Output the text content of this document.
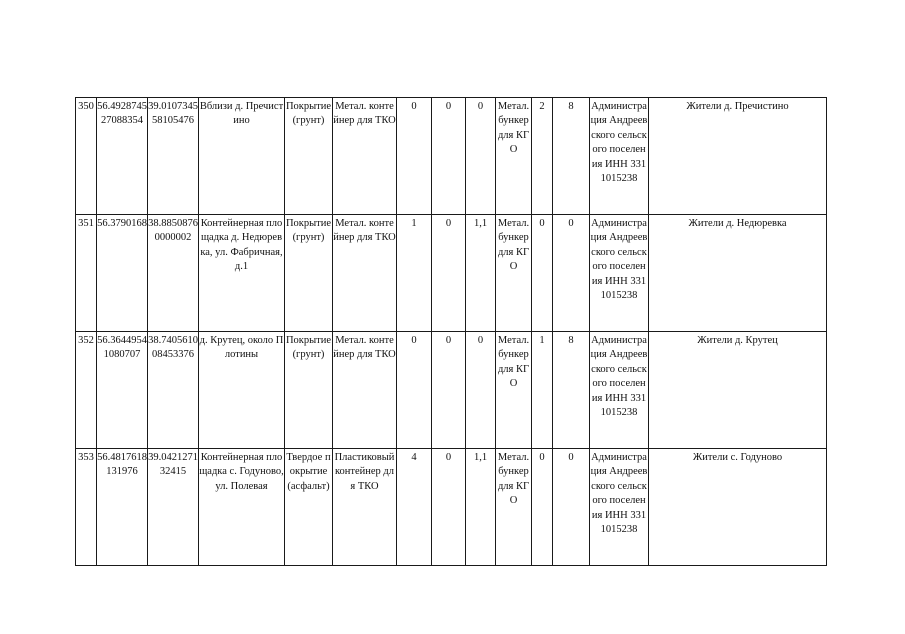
350	56.492874527088354	39.010734558105476	Вблизи д. Пречистино	Покрытие (грунт)	Метал. контейнер для ТКО	0	0	0	Метал. бункер для КГО	2	8	Администрация Андреевского сельского поселения ИНН 3311015238	Жители д. Пречистино
351	56.3790168	38.88508760000002	Контейнерная площадка д. Недюревка, ул. Фабричная, д.1	Покрытие (грунт)	Метал. контейнер для ТКО	1	0	1,1	Метал. бункер для КГО	0	0	Администрация Андреевского сельского поселения ИНН 3311015238	Жители д. Недюревка
352	56.36449541080707	38.740561008453376	д. Крутец, около Плотины	Покрытие (грунт)	Метал. контейнер для ТКО	0	0	0	Метал. бункер для КГО	1	8	Администрация Андреевского сельского поселения ИНН 3311015238	Жители д. Крутец
353	56.4817618131976	39.042127132415	Контейнерная площадка с. Годуново, ул. Полевая	Твердое покрытие (асфальт)	Пластиковый контейнер для ТКО	4	0	1,1	Метал. бункер для КГО	0	0	Администрация Андреевского сельского поселения ИНН 3311015238	Жители с. Годуново
